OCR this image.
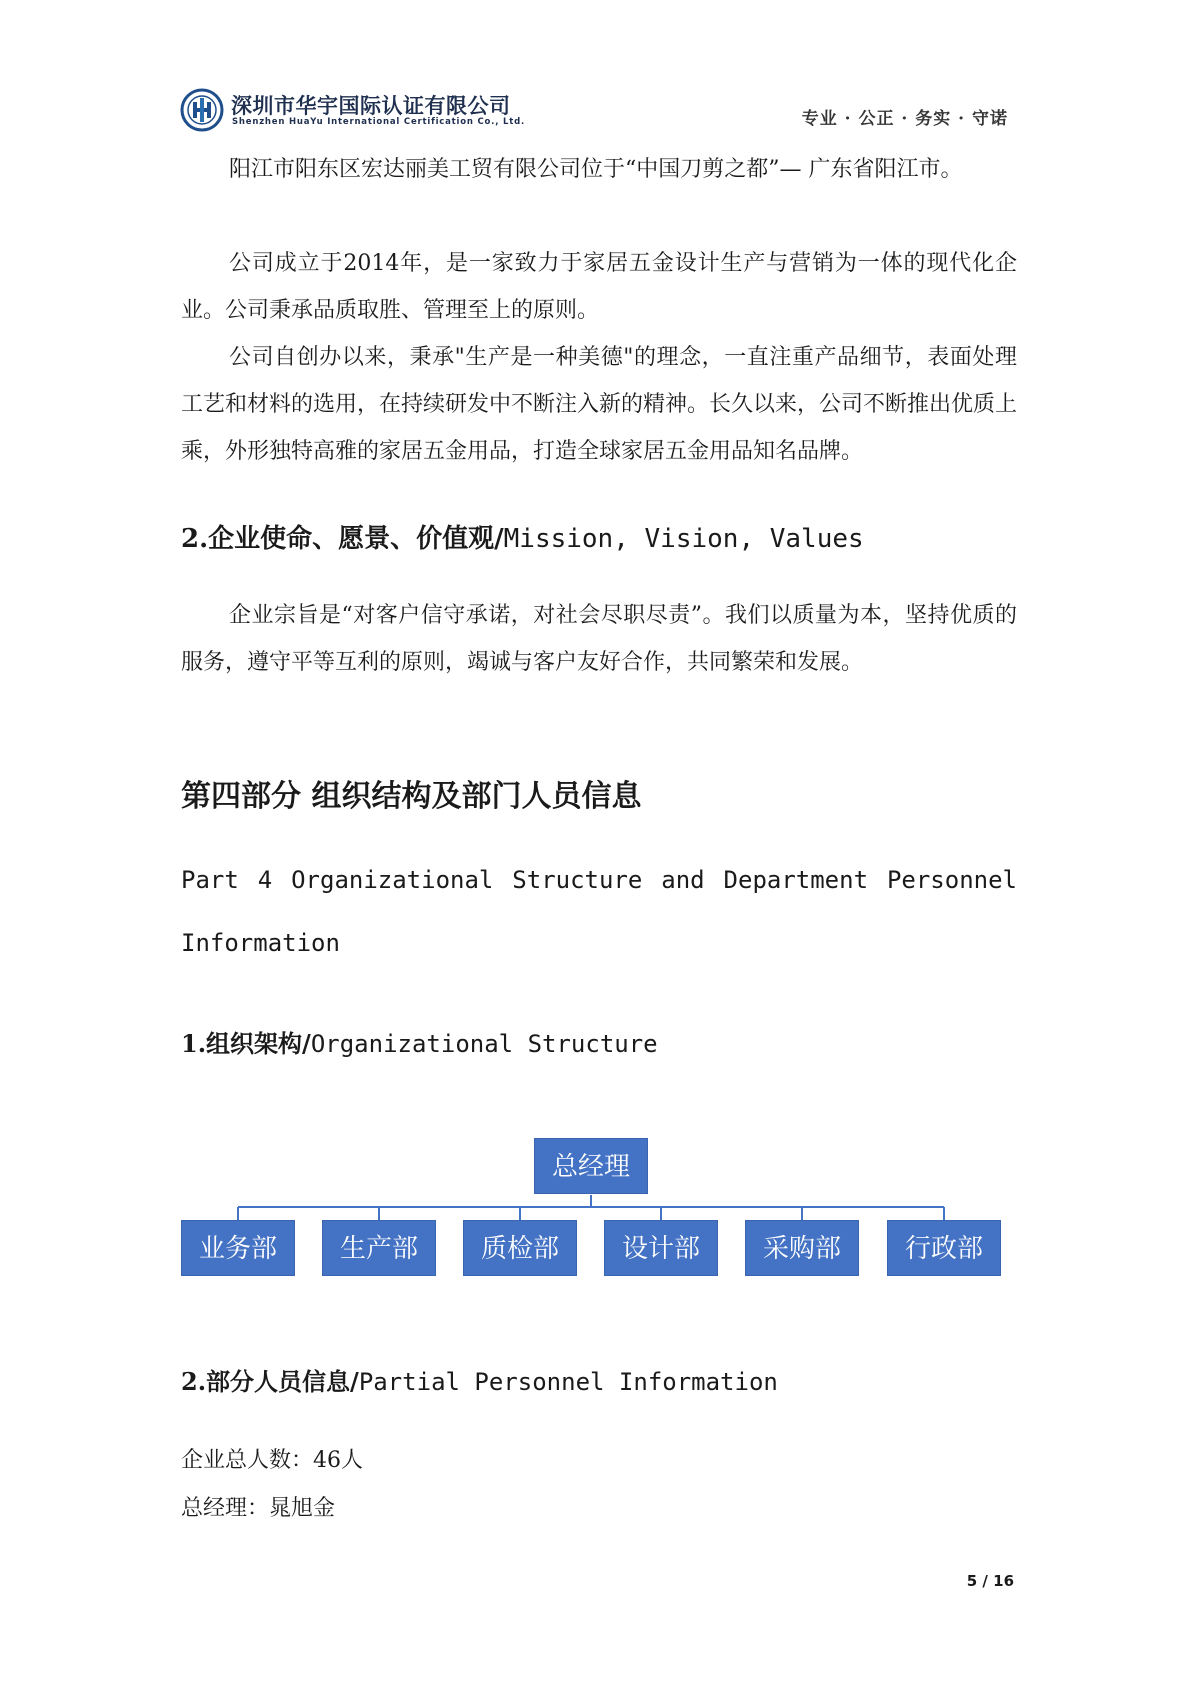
深圳市华宇国际认证有限公司
Shenzhen HuaYu International Certification Co., Ltd.	专业 · 公正 · 务实 · 守诺

阳江市阳东区宏达丽美工贸有限公司位于“中国刀剪之都”— 广东省阳江市。

公司成立于2014年，是一家致力于家居五金设计生产与营销为一体的现代化企业。公司秉承品质取胜、管理至上的原则。

公司自创办以来，秉承"生产是一种美德"的理念，一直注重产品细节，表面处理工艺和材料的选用，在持续研发中不断注入新的精神。长久以来，公司不断推出优质上乘，外形独特高雅的家居五金用品，打造全球家居五金用品知名品牌。

2.企业使命、愿景、价值观/Mission, Vision, Values

企业宗旨是“对客户信守承诺，对社会尽职尽责”。我们以质量为本，坚持优质的服务，遵守平等互利的原则，竭诚与客户友好合作，共同繁荣和发展。

第四部分 组织结构及部门人员信息

Part 4 Organizational Structure and Department Personnel

Information
1.组织架构/Organizational Structure
总经理
业务部	生产部	质检部	设计部	采购部	行政部
2.部分人员信息/Partial Personnel Information
企业总人数：46人
总经理：晁旭金
5 / 16
